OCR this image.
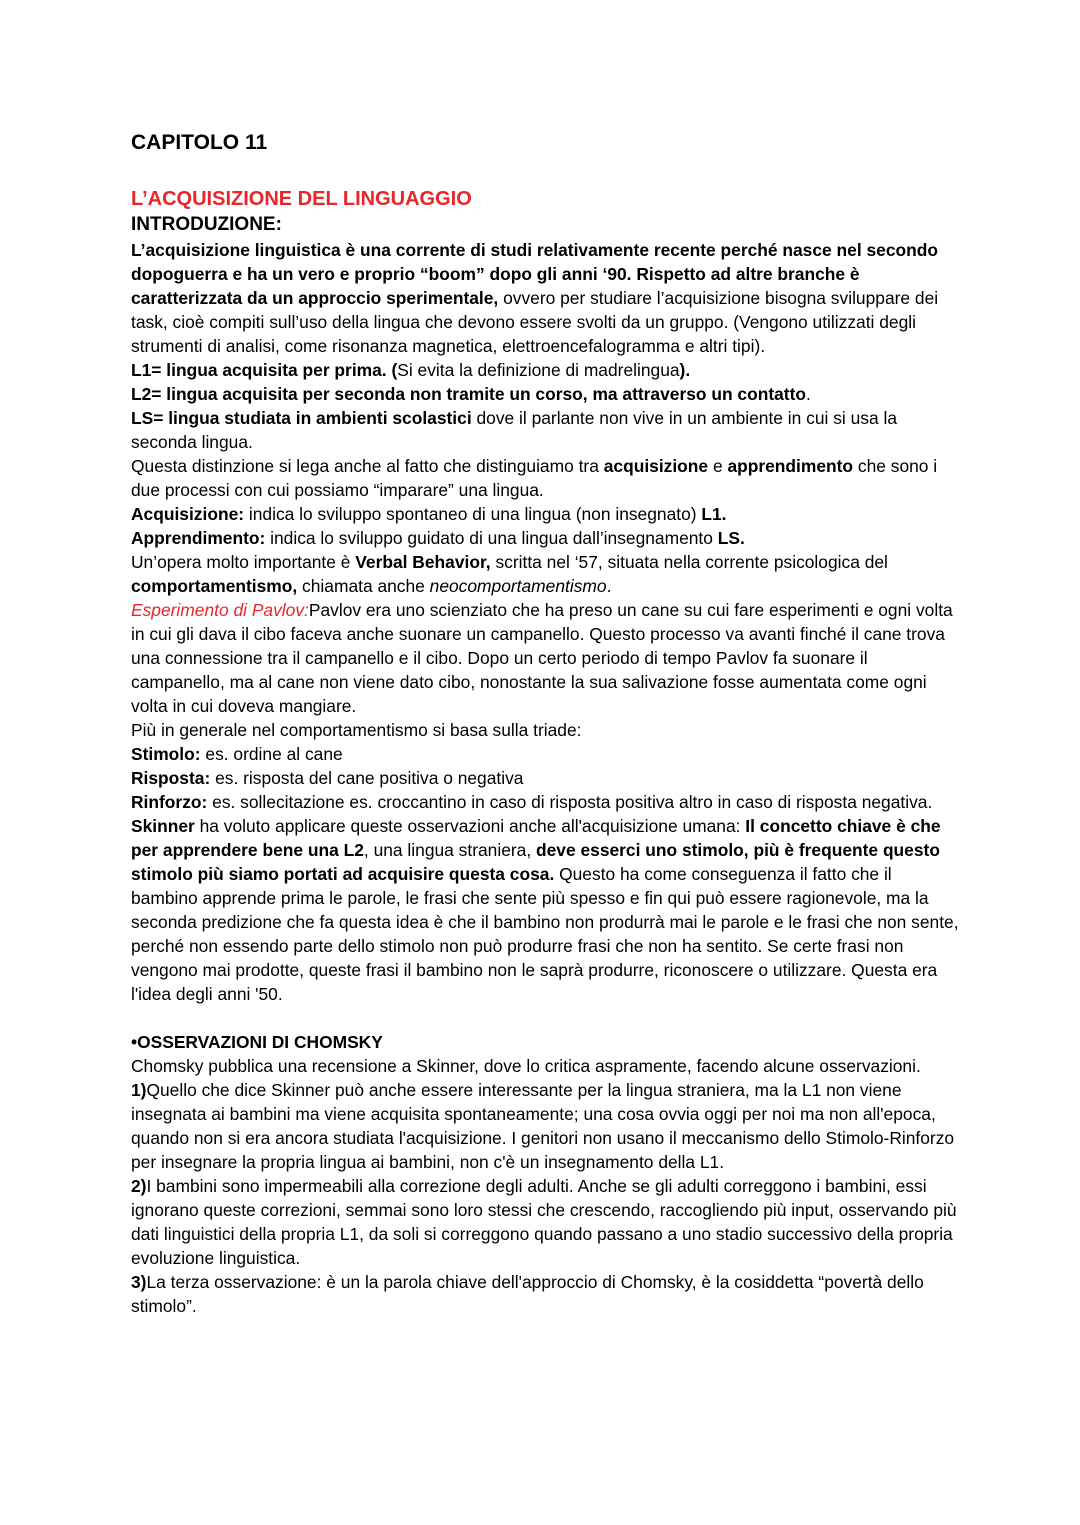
CAPITOLO 11

L’ACQUISIZIONE DEL LINGUAGGIO

INTRODUZIONE:

L’acquisizione linguistica è una corrente di studi relativamente recente perché nasce nel secondo dopoguerra e ha un vero e proprio “boom” dopo gli anni ‘90. Rispetto ad altre branche è caratterizzata da un approccio sperimentale, ovvero per studiare l’acquisizione bisogna sviluppare dei task, cioè compiti sull’uso della lingua che devono essere svolti da un gruppo. (Vengono utilizzati degli strumenti di analisi, come risonanza magnetica, elettroencefalogramma e altri tipi).

L1= lingua acquisita per prima. (Si evita la definizione di madrelingua).

L2= lingua acquisita per seconda non tramite un corso, ma attraverso un contatto.

LS= lingua studiata in ambienti scolastici dove il parlante non vive in un ambiente in cui si usa la seconda lingua.

Questa distinzione si lega anche al fatto che distinguiamo tra acquisizione e apprendimento che sono i due processi con cui possiamo “imparare” una lingua.

Acquisizione: indica lo sviluppo spontaneo di una lingua (non insegnato) L1.

Apprendimento: indica lo sviluppo guidato di una lingua dall’insegnamento LS.

Un’opera molto importante è Verbal Behavior, scritta nel ‘57, situata nella corrente psicologica del comportamentismo, chiamata anche neocomportamentismo.

Esperimento di Pavlov:Pavlov era uno scienziato che ha preso un cane su cui fare esperimenti e ogni volta in cui gli dava il cibo faceva anche suonare un campanello. Questo processo va avanti finché il cane trova una connessione tra il campanello e il cibo. Dopo un certo periodo di tempo Pavlov fa suonare il campanello, ma al cane non viene dato cibo, nonostante la sua salivazione fosse aumentata come ogni volta in cui doveva mangiare.

Più in generale nel comportamentismo si basa sulla triade:

Stimolo: es. ordine al cane

Risposta: es. risposta del cane positiva o negativa

Rinforzo: es. sollecitazione es. croccantino in caso di risposta positiva altro in caso di risposta negativa.

Skinner ha voluto applicare queste osservazioni anche all'acquisizione umana: Il concetto chiave è che per apprendere bene una L2, una lingua straniera, deve esserci uno stimolo, più è frequente questo stimolo più siamo portati ad acquisire questa cosa. Questo ha come conseguenza il fatto che il bambino apprende prima le parole, le frasi che sente più spesso e fin qui può essere ragionevole, ma la seconda predizione che fa questa idea è che il bambino non produrrà mai le parole e le frasi che non sente, perché non essendo parte dello stimolo non può produrre frasi che non ha sentito. Se certe frasi non vengono mai prodotte, queste frasi il bambino non le saprà produrre, riconoscere o utilizzare. Questa era l'idea degli anni '50.

•OSSERVAZIONI DI CHOMSKY

Chomsky pubblica una recensione a Skinner, dove lo critica aspramente, facendo alcune osservazioni.

1)Quello che dice Skinner può anche essere interessante per la lingua straniera, ma la L1 non viene insegnata ai bambini ma viene acquisita spontaneamente; una cosa ovvia oggi per noi ma non all'epoca, quando non si era ancora studiata l'acquisizione. I genitori non usano il meccanismo dello Stimolo-Rinforzo per insegnare la propria lingua ai bambini, non c'è un insegnamento della L1.

2)I bambini sono impermeabili alla correzione degli adulti. Anche se gli adulti correggono i bambini, essi ignorano queste correzioni, semmai sono loro stessi che crescendo, raccogliendo più input, osservando più dati linguistici della propria L1, da soli si correggono quando passano a uno stadio successivo della propria evoluzione linguistica.

3)La terza osservazione: è un la parola chiave dell'approccio di Chomsky, è la cosiddetta “povertà dello stimolo”.
